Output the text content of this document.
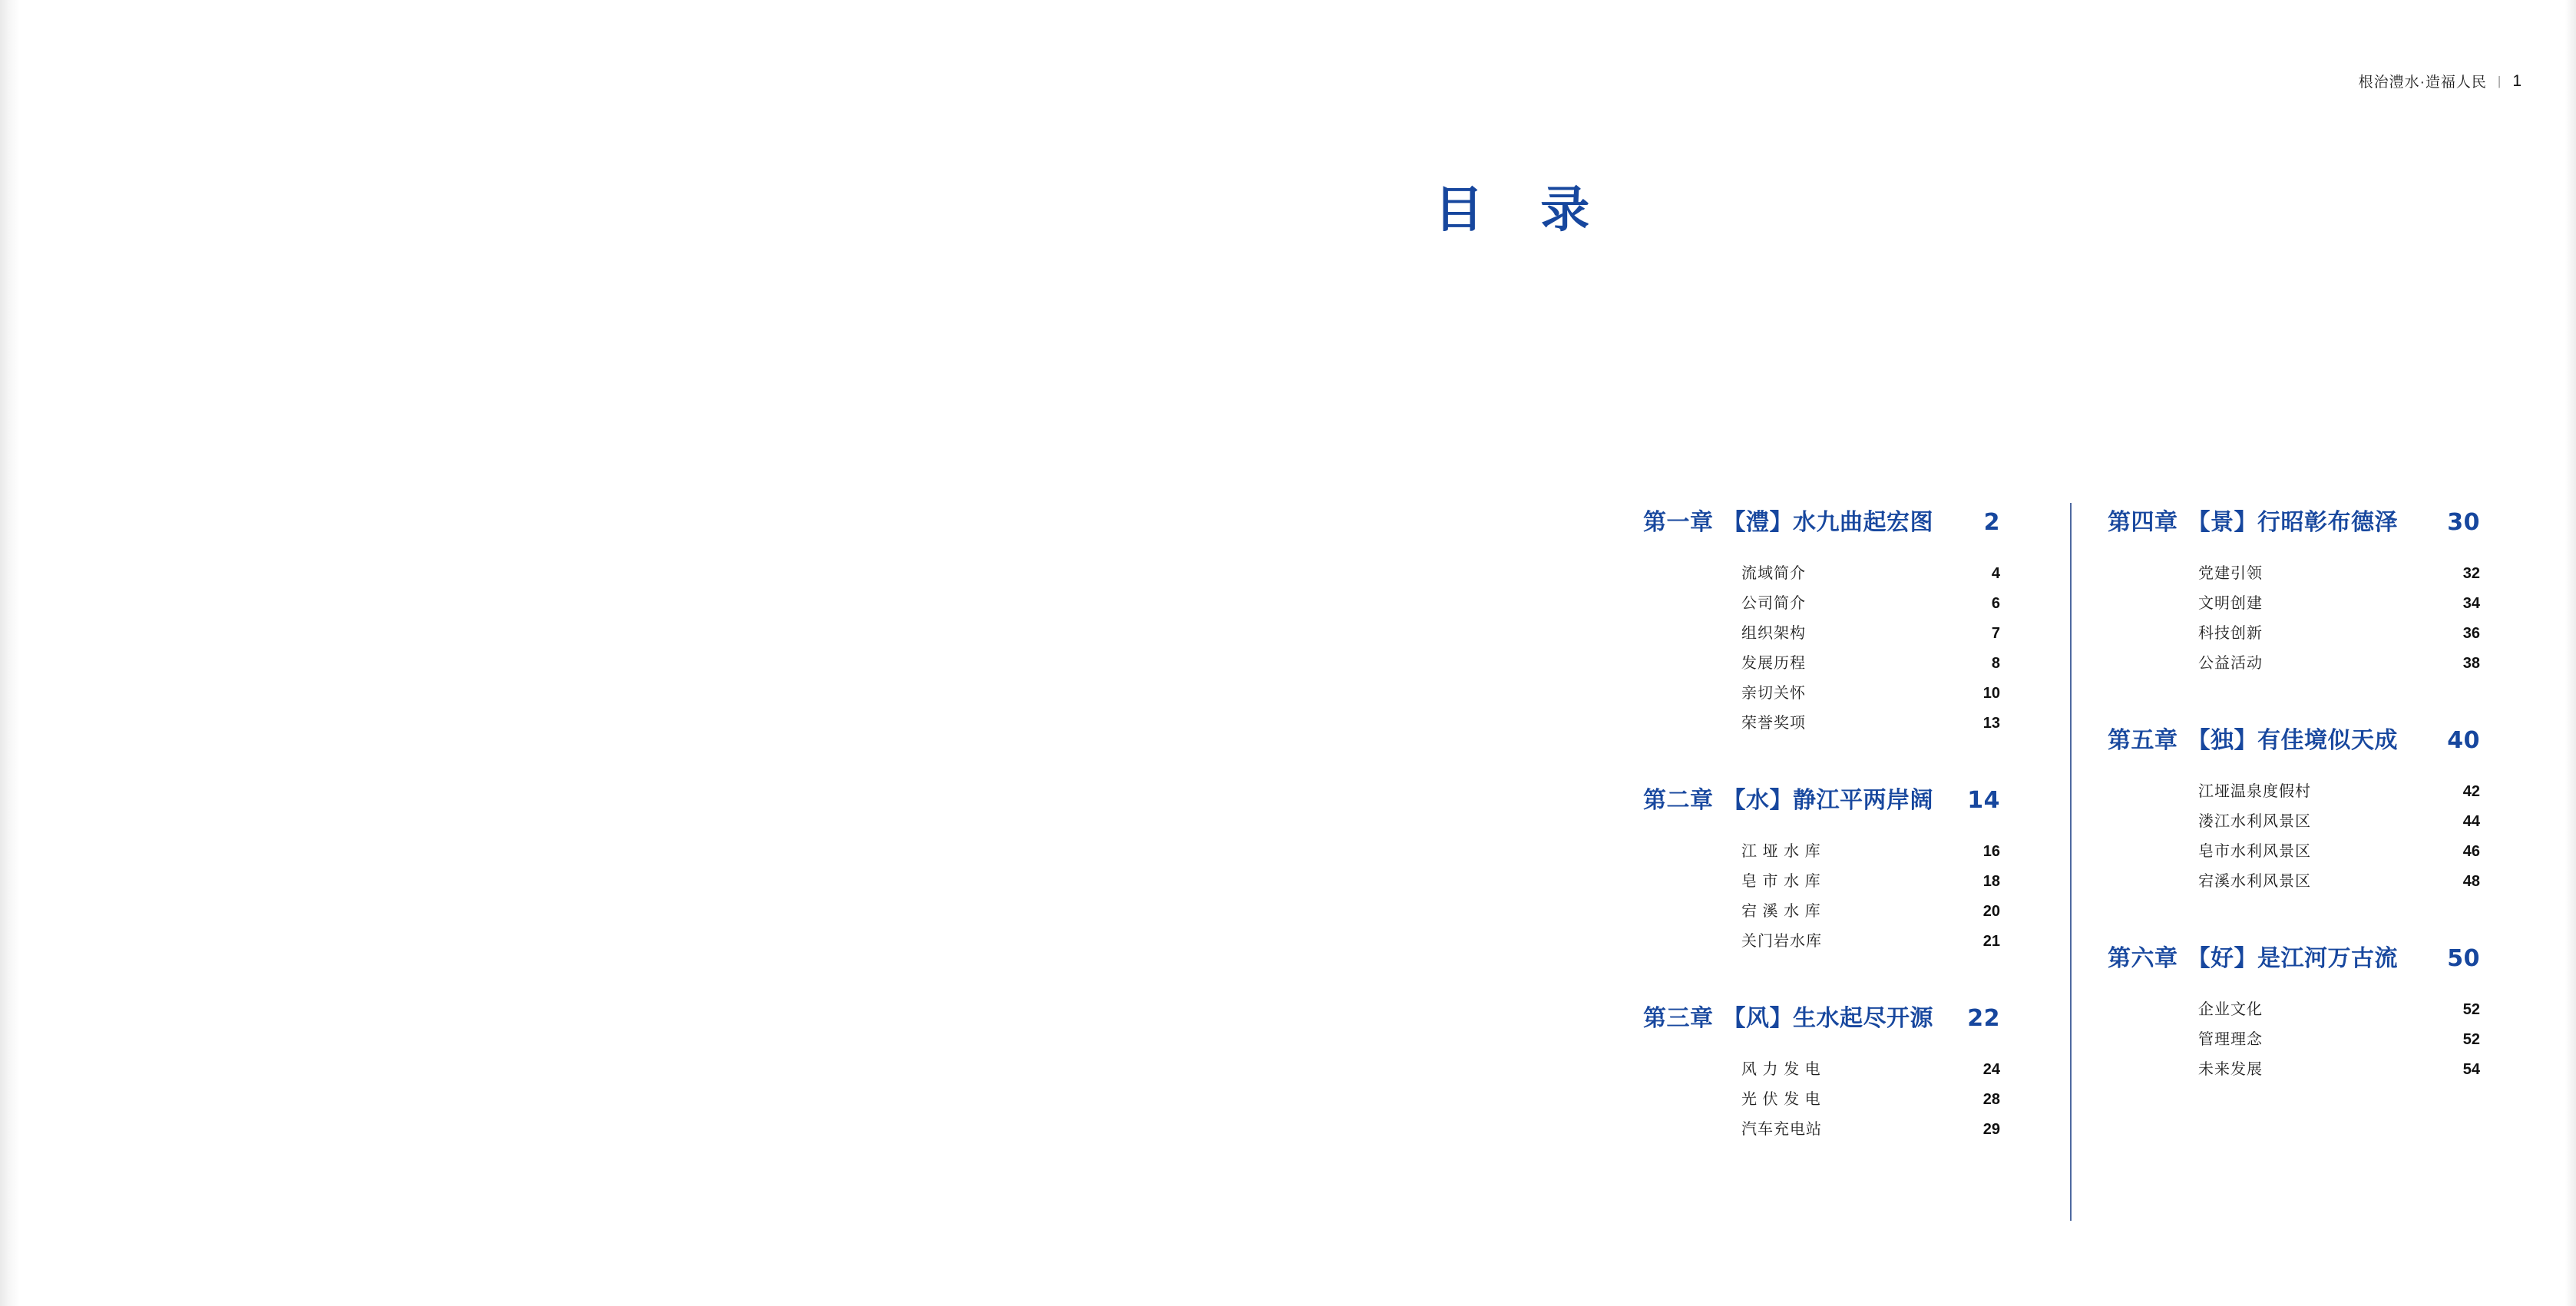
根治澧水·造福人民 | 1
目 录
第一章 【澧】水九曲起宏图	2
流域简介	4
公司简介	6
组织架构	7
发展历程	8
亲切关怀	10
荣誉奖项	13
第二章 【水】静江平两岸阔	14
江 垭 水 库	16
皂 市 水 库	18
宕 溪 水 库	20
关门岩水库	21
第三章 【风】生水起尽开源	22
风 力 发 电	24
光 伏 发 电	28
汽车充电站	29
第四章 【景】行昭彰布德泽	30
党建引领	32
文明创建	34
科技创新	36
公益活动	38
第五章 【独】有佳境似天成	40
江垭温泉度假村	42
溇江水利风景区	44
皂市水利风景区	46
宕溪水利风景区	48
第六章 【好】是江河万古流	50
企业文化	52
管理理念	52
未来发展	54
